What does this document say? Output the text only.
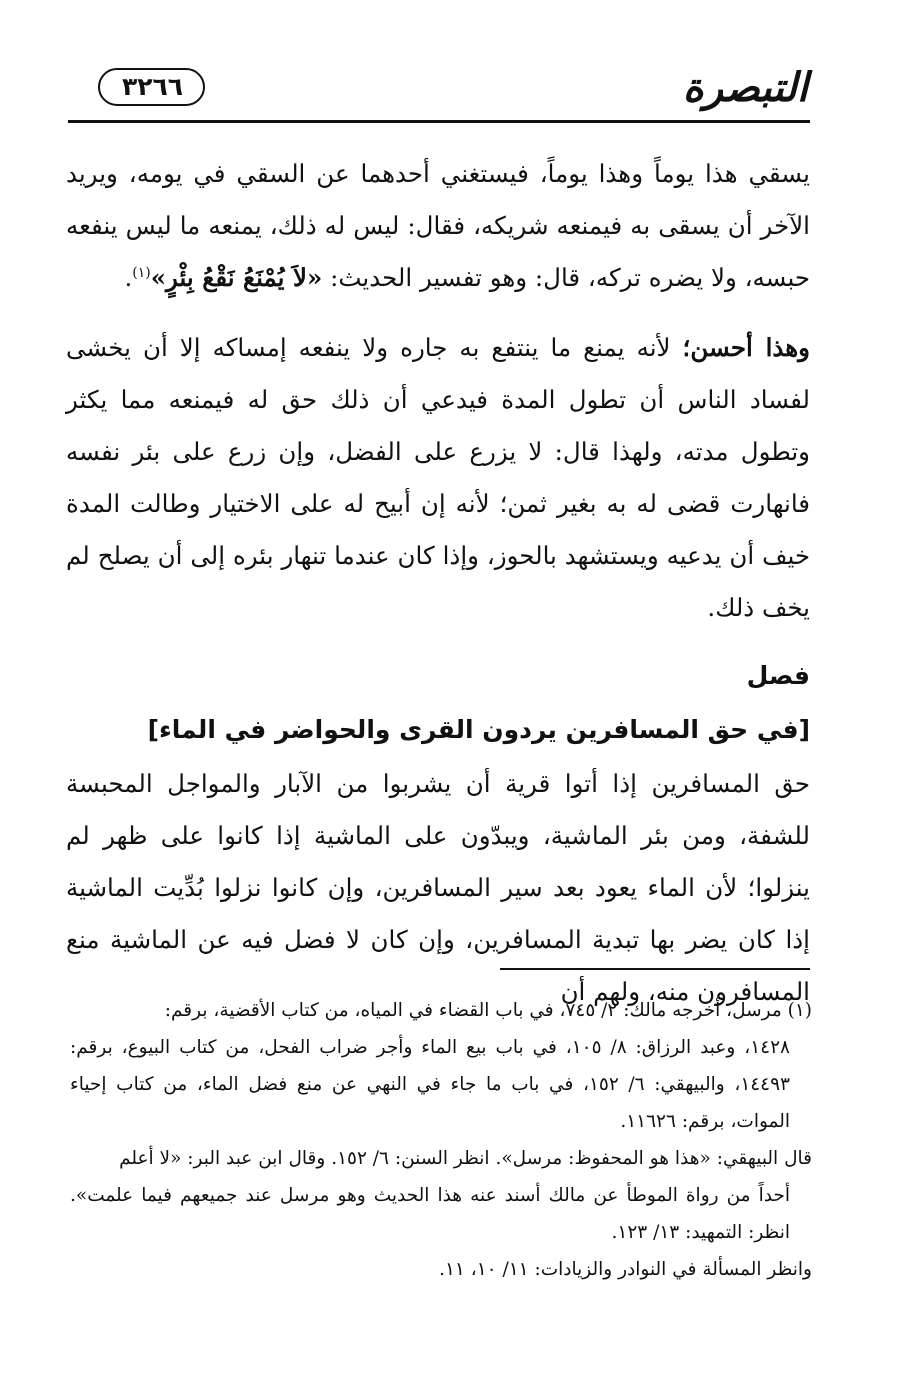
التبصرة
٣٢٦٦

يسقي هذا يوماً وهذا يوماً، فيستغني أحدهما عن السقي في يومه، ويريد الآخر أن يسقى به فيمنعه شريكه، فقال: ليس له ذلك، يمنعه ما ليس ينفعه حبسه، ولا يضره تركه، قال: وهو تفسير الحديث: «لاَ يُمْنَعُ نَقْعُ بِئْرٍ»$^{(١)}$.

وهذا أحسن؛ لأنه يمنع ما ينتفع به جاره ولا ينفعه إمساكه إلا أن يخشى لفساد الناس أن تطول المدة فيدعي أن ذلك حق له فيمنعه مما يكثر وتطول مدته، ولهذا قال: لا يزرع على الفضل، وإن زرع على بئر نفسه فانهارت قضى له به بغير ثمن؛ لأنه إن أبيح له على الاختيار وطالت المدة خيف أن يدعيه ويستشهد بالحوز، وإذا كان عندما تنهار بئره إلى أن يصلح لم يخف ذلك.

فصل

[في حق المسافرين يردون القرى والحواضر في الماء]

حق المسافرين إذا أتوا قرية أن يشربوا من الآبار والمواجل المحبسة للشفة، ومن بئر الماشية، ويبدّون على الماشية إذا كانوا على ظهر لم ينزلوا؛ لأن الماء يعود بعد سير المسافرين، وإن كانوا نزلوا بُدِّيت الماشية إذا كان يضر بها تبدية المسافرين، وإن كان لا فضل فيه عن الماشية منع المسافرون منه، ولهم أن

(١) مرسل، أخرجه مالك: ٢/ ٧٤٥، في باب القضاء في المياه، من كتاب الأقضية، برقم:

١٤٢٨، وعبد الرزاق: ٨/ ١٠٥، في باب بيع الماء وأجر ضراب الفحل، من كتاب البيوع، برقم: ١٤٤٩٣، والبيهقي: ٦/ ١٥٢، في باب ما جاء في النهي عن منع فضل الماء، من كتاب إحياء الموات، برقم: ١١٦٢٦.

قال البيهقي: «هذا هو المحفوظ: مرسل». انظر السنن: ٦/ ١٥٢. وقال ابن عبد البر: «لا أعلم

أحداً من رواة الموطأ عن مالك أسند عنه هذا الحديث وهو مرسل عند جميعهم فيما علمت». انظر: التمهيد: ١٣/ ١٢٣.

وانظر المسألة في النوادر والزيادات: ١١/ ١٠، ١١.
